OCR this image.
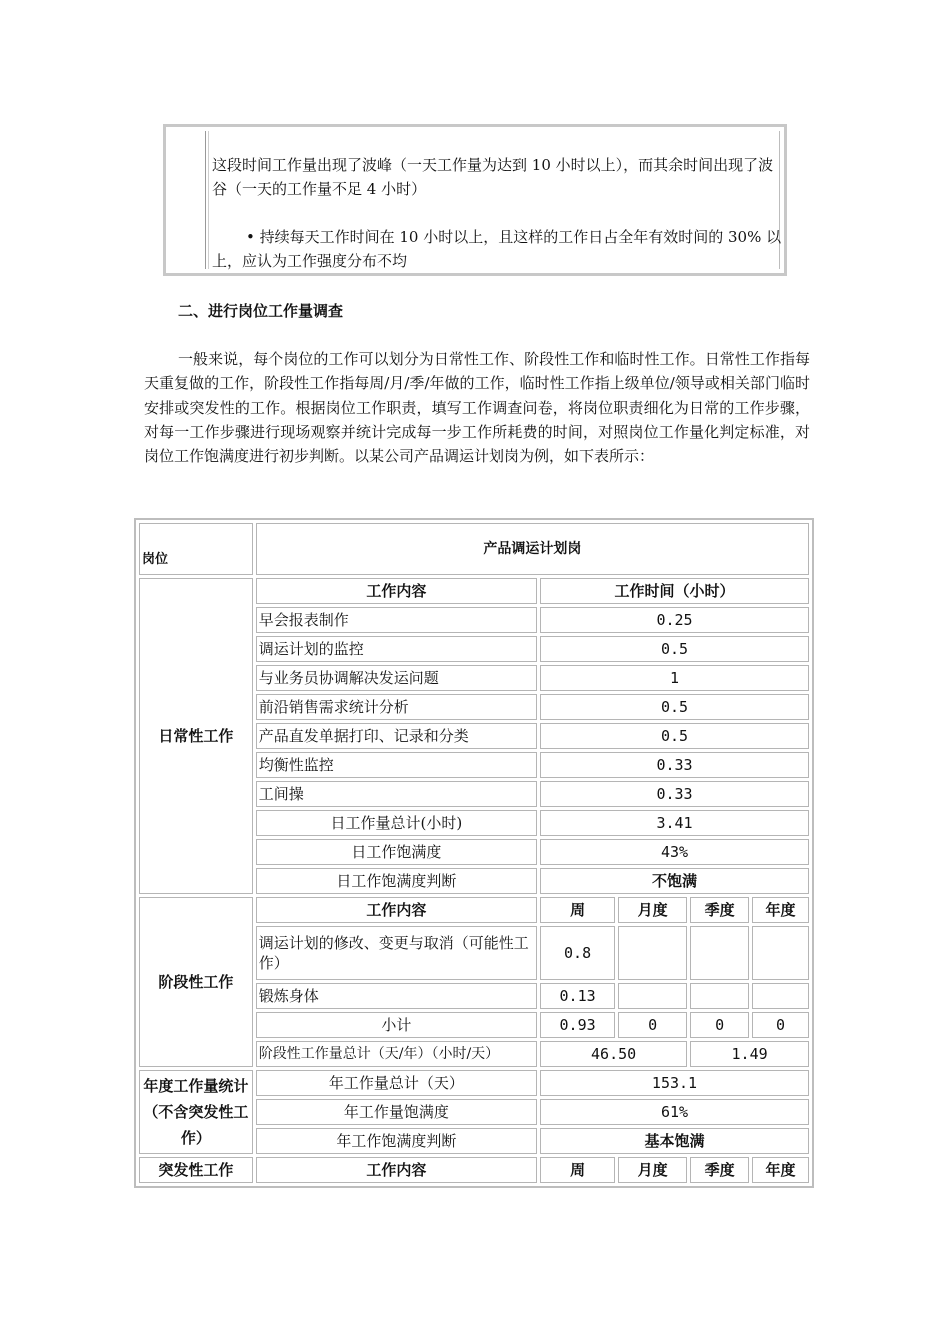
这段时间工作量出现了波峰（一天工作量为达到 10 小时以上），而其余时间出现了波谷（一天的工作量不足 4 小时）
• 持续每天工作时间在 10 小时以上，且这样的工作日占全年有效时间的 30% 以上，应认为工作强度分布不均
二、进行岗位工作量调查
一般来说，每个岗位的工作可以划分为日常性工作、阶段性工作和临时性工作。日常性工作指每天重复做的工作，阶段性工作指每周/月/季/年做的工作，临时性工作指上级单位/领导或相关部门临时安排或突发性的工作。根据岗位工作职责，填写工作调查问卷，将岗位职责细化为日常的工作步骤，对每一工作步骤进行现场观察并统计完成每一步工作所耗费的时间，对照岗位工作量化判定标准，对岗位工作饱满度进行初步判断。以某公司产品调运计划岗为例，如下表所示：
岗位	产品调运计划岗				
日常性工作	工作内容	工作时间（小时）			
	早会报表制作	0.25			
	调运计划的监控	0.5			
	与业务员协调解决发运问题	1			
	前沿销售需求统计分析	0.5			
	产品直发单据打印、记录和分类	0.5			
	均衡性监控	0.33			
	工间操	0.33			
	日工作量总计(小时)	3.41			
	日工作饱满度	43%			
	日工作饱满度判断	不饱满			
阶段性工作	工作内容	周	月度	季度	年度
	调运计划的修改、变更与取消（可能性工作）	0.8			
	锻炼身体	0.13			
	小计	0.93	0	0	0
	阶段性工作量总计（天/年）（小时/天）	46.50		1.49	
年度工作量统计（不含突发性工作）	年工作量总计（天）	153.1			
	年工作量饱满度	61%			
	年工作饱满度判断	基本饱满			
突发性工作	工作内容	周	月度	季度	年度
